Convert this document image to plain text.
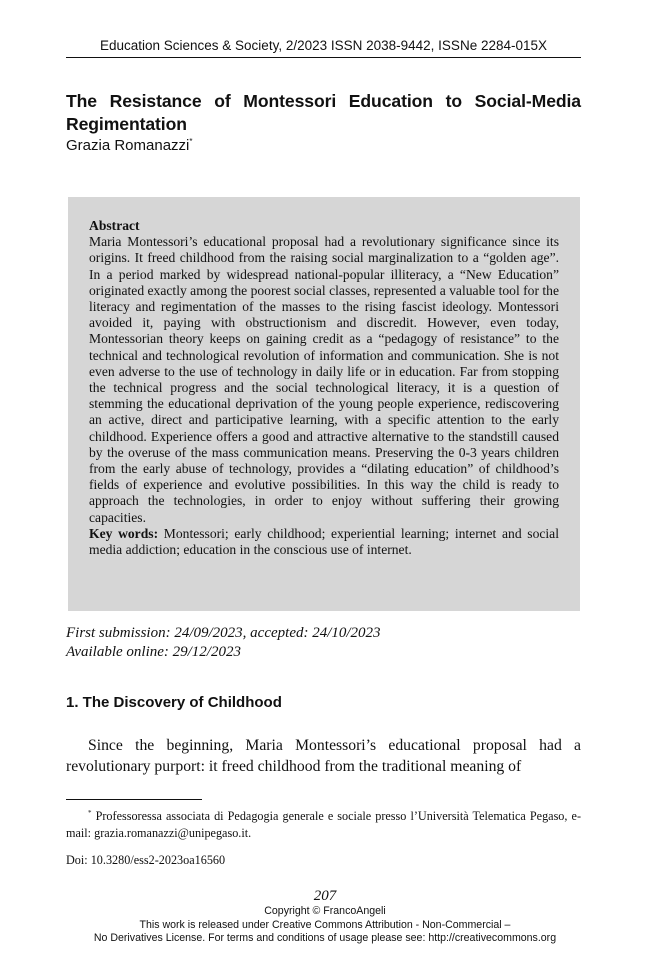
Education Sciences & Society, 2/2023 ISSN 2038-9442, ISSNe 2284-015X
The Resistance of Montessori Education to Social-Media Regimentation
Grazia Romanazzi*

Abstract

Maria Montessori’s educational proposal had a revolutionary significance since its origins. It freed childhood from the raising social marginalization to a “golden age”. In a period marked by widespread national-popular illiteracy, a “New Education” originated exactly among the poorest social classes, represented a valuable tool for the literacy and regimentation of the masses to the rising fascist ideology. Montessori avoided it, paying with obstructionism and discredit. However, even today, Montessorian theory keeps on gaining credit as a “pedagogy of resistance” to the technical and technological revolution of information and communication. She is not even adverse to the use of technology in daily life or in education. Far from stopping the technical progress and the social technological literacy, it is a question of stemming the educational deprivation of the young people experience, rediscovering an active, direct and participative learning, with a specific attention to the early childhood. Experience offers a good and attractive alternative to the standstill caused by the overuse of the mass communication means. Preserving the 0-3 years children from the early abuse of technology, provides a “dilating education” of childhood’s fields of experience and evolutive possibilities. In this way the child is ready to approach the technologies, in order to enjoy without suffering their growing capacities.

Key words: Montessori; early childhood; experiential learning; internet and social media addiction; education in the conscious use of internet.

First submission: 24/09/2023, accepted: 24/10/2023
Available online: 29/12/2023
1. The Discovery of Childhood

Since the beginning, Maria Montessori’s educational proposal had a revolutionary purport: it freed childhood from the traditional meaning of

* Professoressa associata di Pedagogia generale e sociale presso l’Università Telematica Pegaso, e-mail: grazia.romanazzi@unipegaso.it.

Doi: 10.3280/ess2-2023oa16560
207
Copyright © FrancoAngeli
This work is released under Creative Commons Attribution - Non-Commercial –
No Derivatives License. For terms and conditions of usage please see: http://creativecommons.org
